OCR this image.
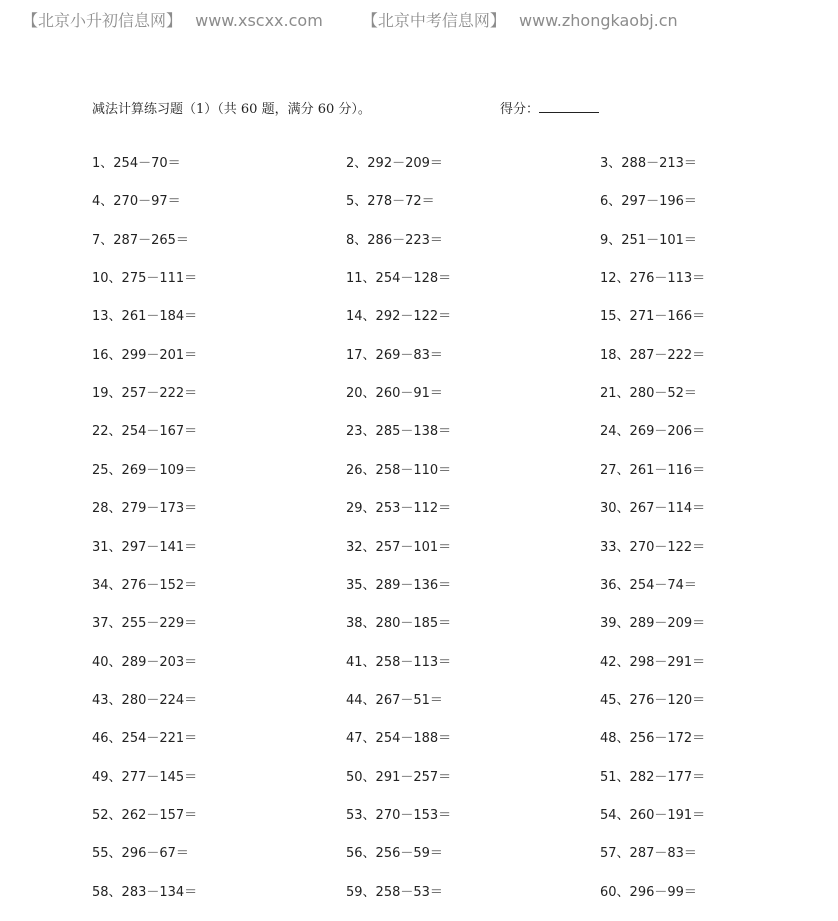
【北京小升初信息网】 www.xscxx.com 【北京中考信息网】 www.zhongkaobj.cn
减法计算练习题（1）（共 60 题，满分 60 分）。	得分：
1、254－70＝	2、292－209＝	3、288－213＝
4、270－97＝	5、278－72＝	6、297－196＝
7、287－265＝	8、286－223＝	9、251－101＝
10、275－111＝	11、254－128＝	12、276－113＝
13、261－184＝	14、292－122＝	15、271－166＝
16、299－201＝	17、269－83＝	18、287－222＝
19、257－222＝	20、260－91＝	21、280－52＝
22、254－167＝	23、285－138＝	24、269－206＝
25、269－109＝	26、258－110＝	27、261－116＝
28、279－173＝	29、253－112＝	30、267－114＝
31、297－141＝	32、257－101＝	33、270－122＝
34、276－152＝	35、289－136＝	36、254－74＝
37、255－229＝	38、280－185＝	39、289－209＝
40、289－203＝	41、258－113＝	42、298－291＝
43、280－224＝	44、267－51＝	45、276－120＝
46、254－221＝	47、254－188＝	48、256－172＝
49、277－145＝	50、291－257＝	51、282－177＝
52、262－157＝	53、270－153＝	54、260－191＝
55、296－67＝	56、256－59＝	57、287－83＝
58、283－134＝	59、258－53＝	60、296－99＝
